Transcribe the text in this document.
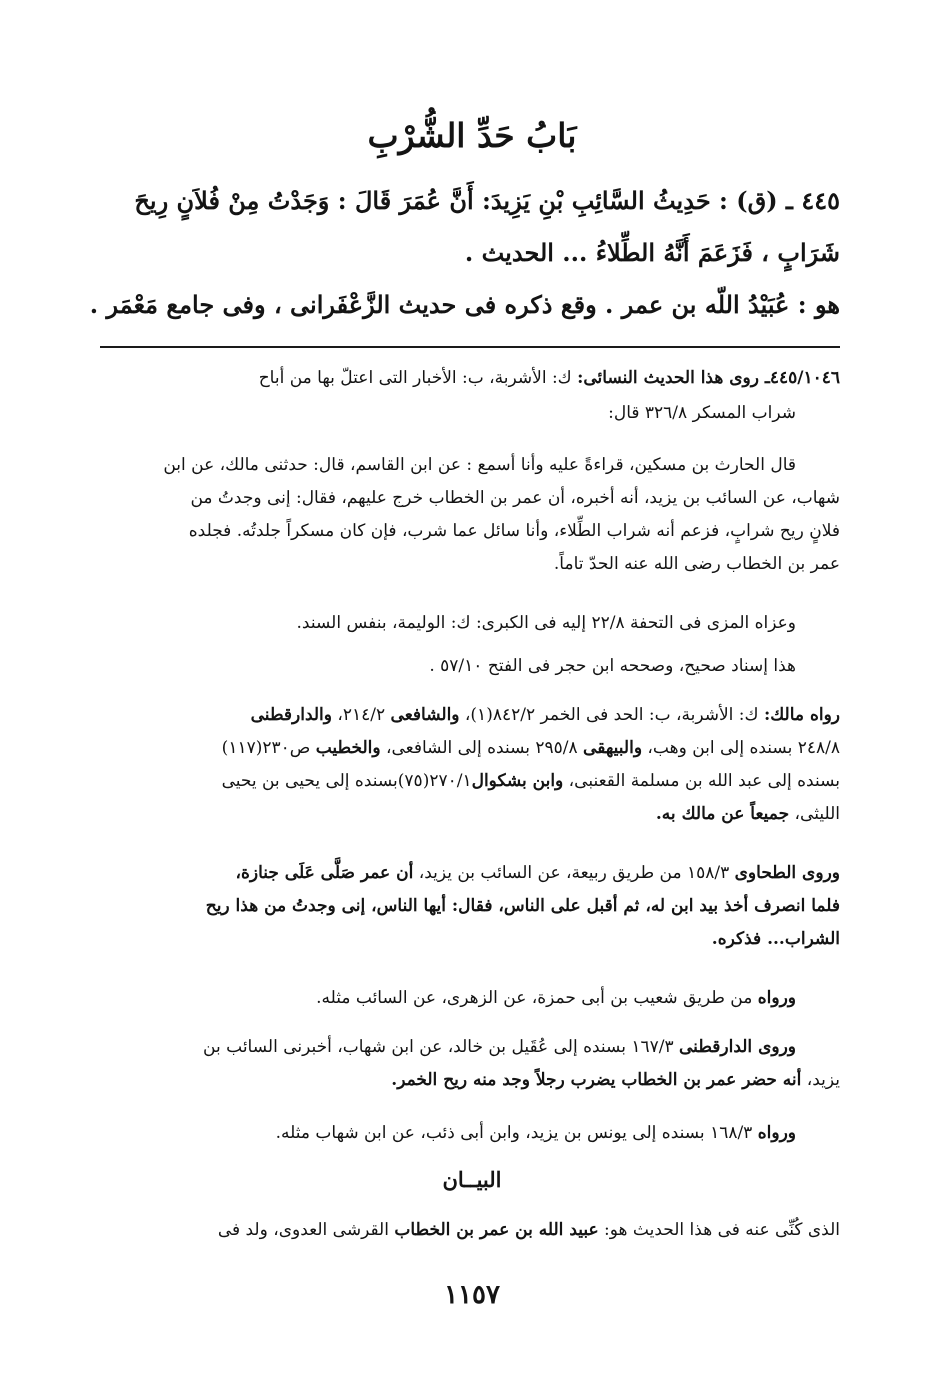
بَابُ حَدِّ الشُّرْبِ
٤٤٥ ـ (ق) : حَدِيثُ السَّائِبِ بْنِ يَزِيدَ: أَنَّ عُمَرَ قَالَ : وَجَدْتُ مِنْ فُلاَنٍ رِيحَ
شَرَابٍ ، فَزَعَمَ أَنَّهُ الطِّلاءُ ... الحديث .
هو : عُبَيْدُ اللّه بن عمر . وقع ذكره فى حديث الزَّعْفَرانى ، وفى جامع مَعْمَر .
٤٤٥/١٠٤٦ـ روى هذا الحديث النسائى: ك: الأشربة، ب: الأخبار التى اعتلّ بها من أباح
شراب المسكر ٣٢٦/٨ قال:
قال الحارث بن مسكين، قراءةً عليه وأنا أسمع : عن ابن القاسم، قال: حدثنى مالك، عن ابن
شهاب، عن السائب بن يزيد، أنه أخبره، أن عمر بن الخطاب خرج عليهم، فقال: إنى وجدتُ من
فلانٍ ريح شرابٍ، فزعم أنه شراب الطِّلاء، وأنا سائل عما شرب، فإن كان مسكراً جلدتُه. فجلده
عمر بن الخطاب رضى الله عنه الحدّ تاماً.
وعزاه المزى فى التحفة ٢٢/٨ إليه فى الكبرى: ك: الوليمة، بنفس السند.
هذا إسناد صحيح، وصححه ابن حجر فى الفتح ٥٧/١٠ .
رواه مالك: ك: الأشربة، ب: الحد فى الخمر ٨٤٢/٢(١)، والشافعى ٢١٤/٢، والدارقطنى
٢٤٨/٨ بسنده إلى ابن وهب، والبيهقى ٢٩٥/٨ بسنده إلى الشافعى، والخطيب ص٢٣٠(١١٧)
بسنده إلى عبد الله بن مسلمة القعنبى، وابن بشكوال٢٧٠/١(٧٥)بسنده إلى يحيى بن يحيى
الليثى، جميعاً عن مالك به.
وروى الطحاوى ١٥٨/٣ من طريق ربيعة، عن السائب بن يزيد، أن عمر صَلَّى عَلَى جنازة،
فلما انصرف أخذ بيد ابن له، ثم أقبل على الناس، فقال: أيها الناس، إنى وجدتُ من هذا ريح
الشراب... فذكره.
ورواه من طريق شعيب بن أبى حمزة، عن الزهرى، عن السائب مثله.
وروى الدارقطنى ١٦٧/٣ بسنده إلى عُقَيل بن خالد، عن ابن شهاب، أخبرنى السائب بن
يزيد، أنه حضر عمر بن الخطاب يضرب رجلاً وجد منه ريح الخمر.
ورواه ١٦٨/٣ بسنده إلى يونس بن يزيد، وابن أبى ذئب، عن ابن شهاب مثله.
البيــان
الذى كُنِّى عنه فى هذا الحديث هو: عبيد الله بن عمر بن الخطاب القرشى العدوى، ولد فى
١١٥٧
